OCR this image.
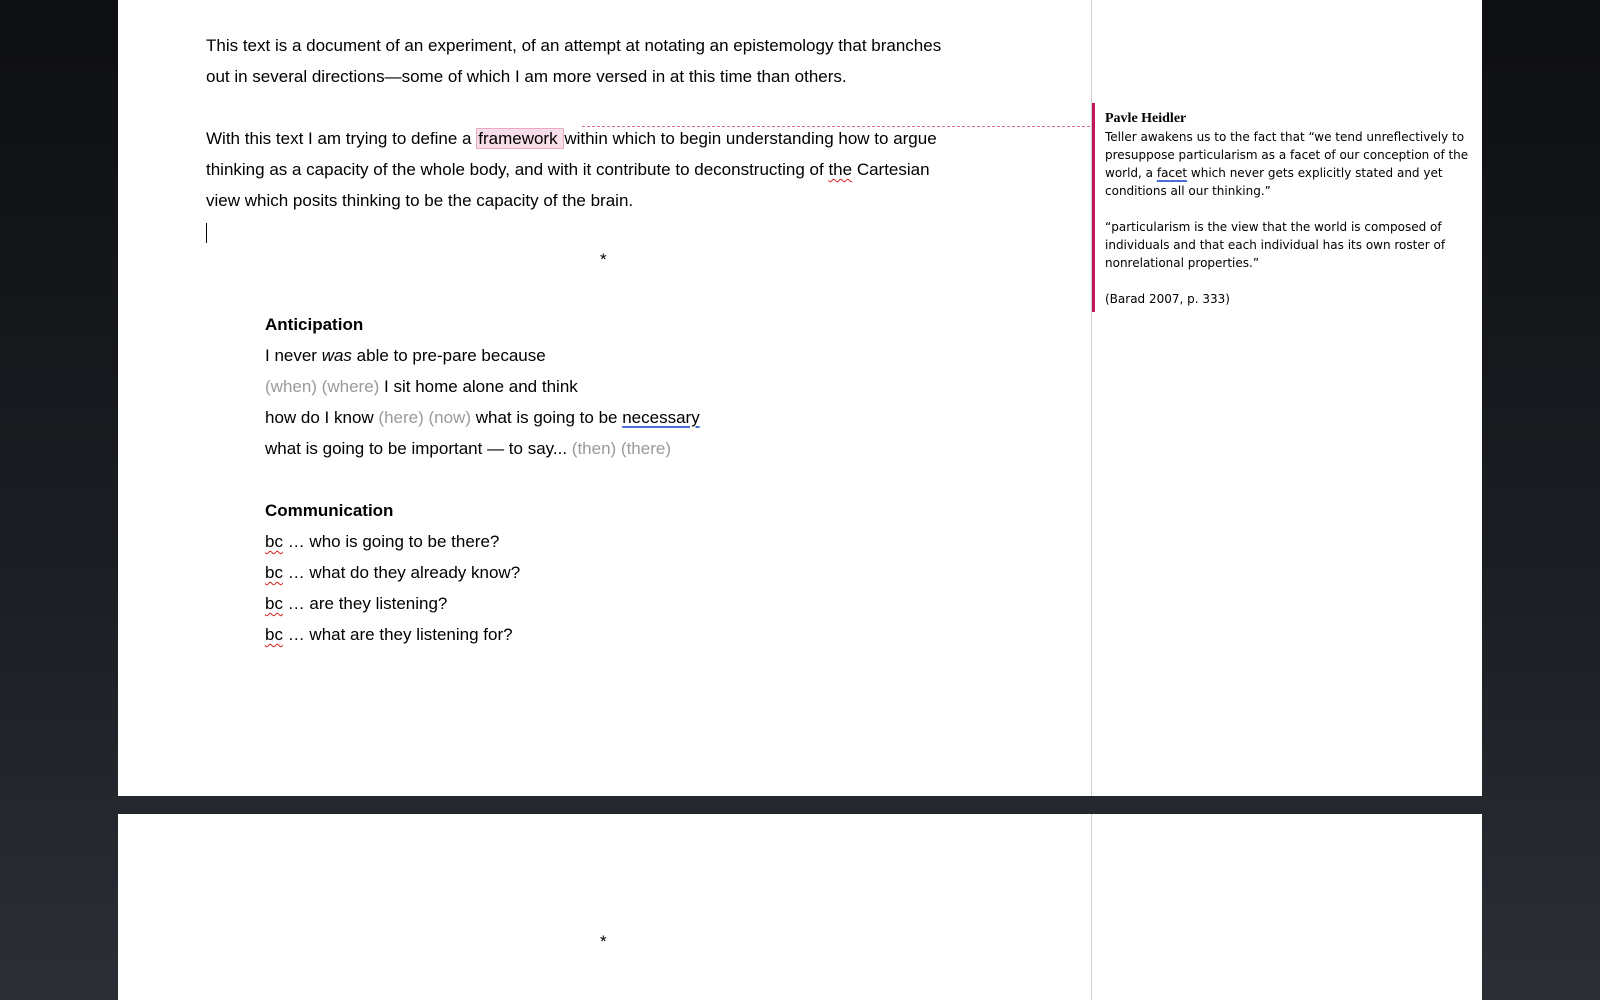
This text is a document of an experiment, of an attempt at notating an epistemology that branches

out in several directions—some of which I am more versed in at this time than others.

With this text I am trying to define a framework within which to begin understanding how to argue

thinking as a capacity of the whole body, and with it contribute to deconstructing of the Cartesian

view which posits thinking to be the capacity of the brain.

*

Anticipation

I never was able to pre-pare because

(when) (where) I sit home alone and think

how do I know (here) (now) what is going to be necessary

what is going to be important — to say... (then) (there)

Communication

bc … who is going to be there?

bc … what do they already know?

bc … are they listening?

bc … what are they listening for?

Pavle Heidler

Teller awakens us to the fact that “we tend unreflectively to presuppose particularism as a facet of our conception of the world, a facet which never gets explicitly stated and yet conditions all our thinking.”

“particularism is the view that the world is composed of individuals and that each individual has its own roster of nonrelational properties.”

(Barad 2007, p. 333)

*
